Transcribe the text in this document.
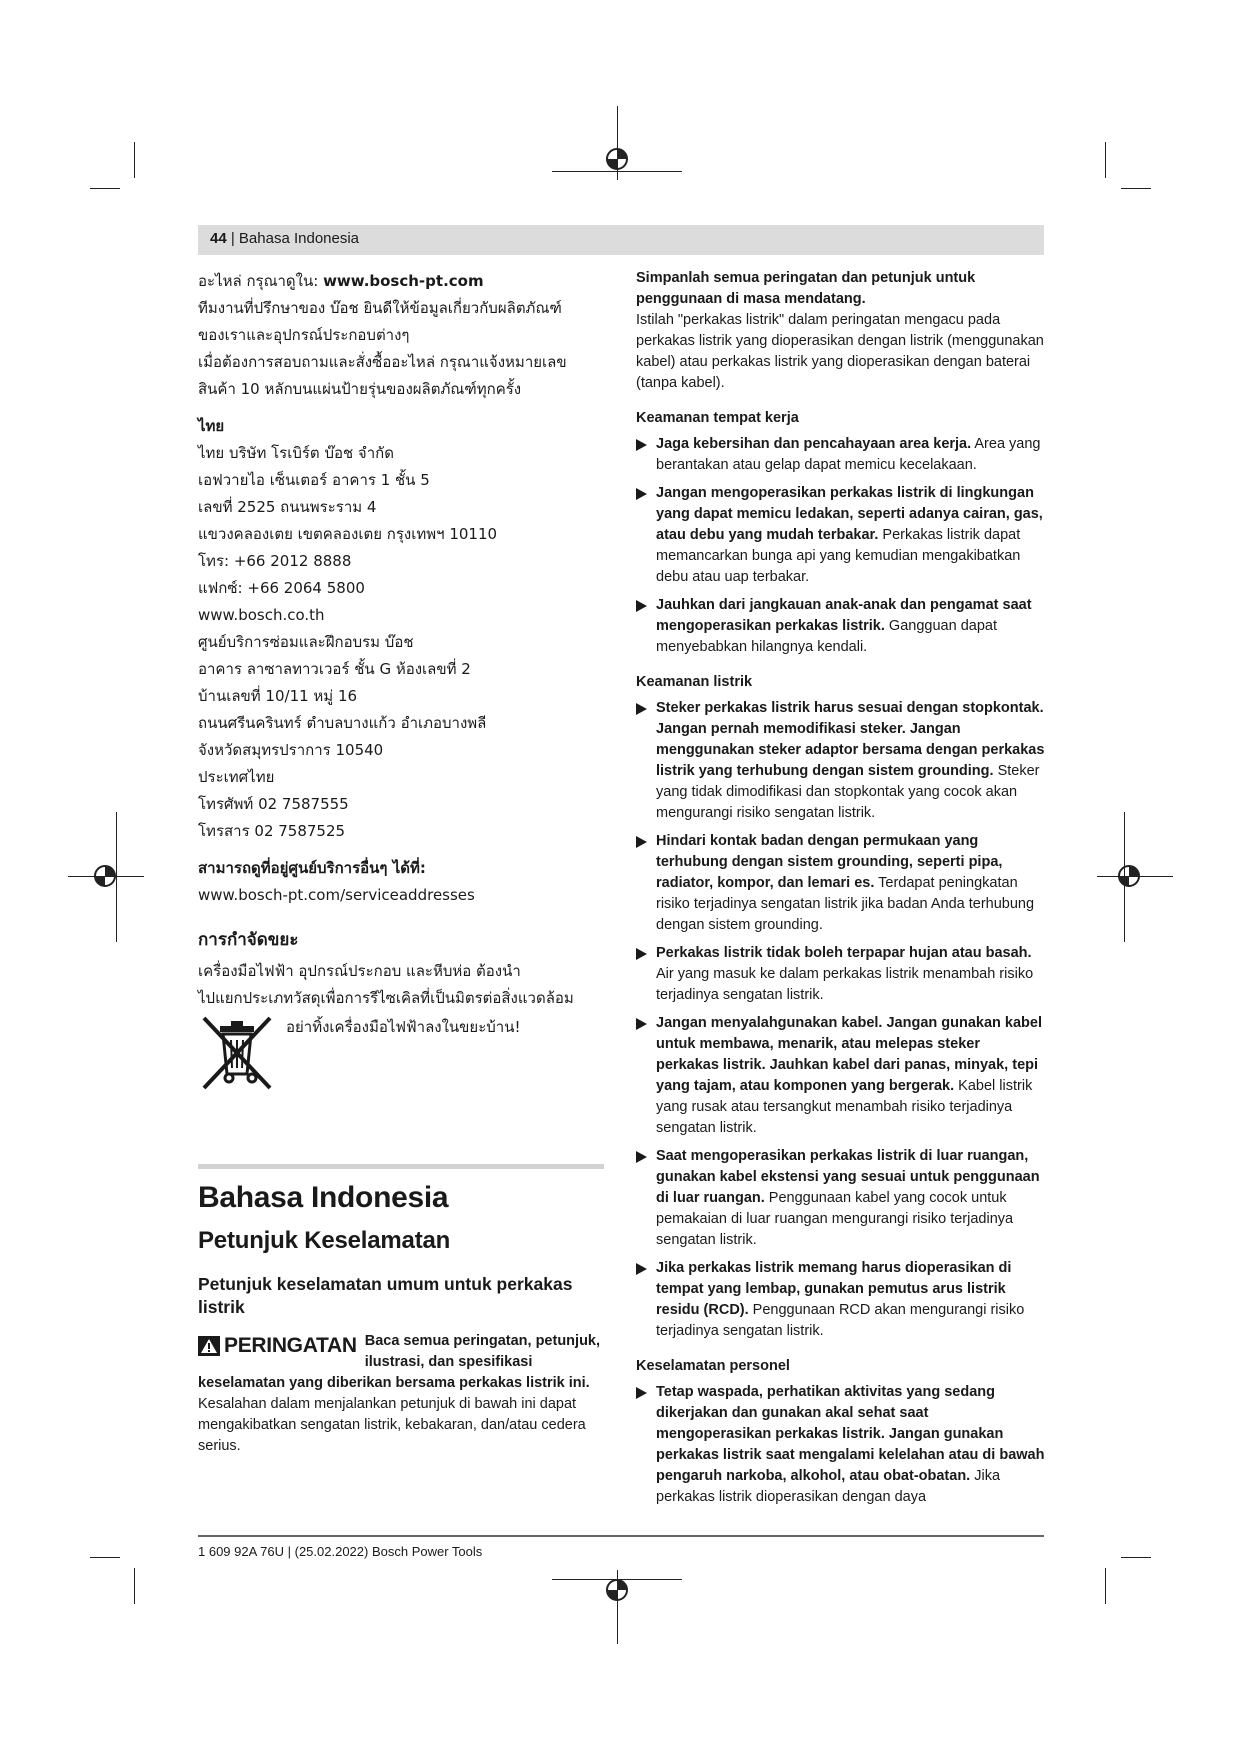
44 | Bahasa Indonesia

อะไหล่ กรุณาดูใน: www.bosch-pt.com

ทีมงานที่ปรึกษาของ บ๊อช ยินดีให้ข้อมูลเกี่ยวกับผลิตภัณฑ์

ของเราและอุปกรณ์ประกอบต่างๆ

เมื่อต้องการสอบถามและสั่งซื้ออะไหล่ กรุณาแจ้งหมายเลข

สินค้า 10 หลักบนแผ่นป้ายรุ่นของผลิตภัณฑ์ทุกครั้ง

ไทย

ไทย บริษัท โรเบิร์ต บ๊อช จำกัด

เอฟวายไอ เซ็นเตอร์ อาคาร 1 ชั้น 5

เลขที่ 2525 ถนนพระราม 4

แขวงคลองเตย เขตคลองเตย กรุงเทพฯ 10110

โทร: +66 2012 8888

แฟกซ์: +66 2064 5800

www.bosch.co.th

ศูนย์บริการซ่อมและฝึกอบรม บ๊อช

อาคาร ลาซาลทาวเวอร์ ชั้น G ห้องเลขที่ 2

บ้านเลขที่ 10/11 หมู่ 16

ถนนศรีนครินทร์ ตำบลบางแก้ว อำเภอบางพลี

จังหวัดสมุทรปราการ 10540

ประเทศไทย

โทรศัพท์ 02 7587555

โทรสาร 02 7587525

สามารถดูที่อยู่ศูนย์บริการอื่นๆ ได้ที่:

www.bosch-pt.com/serviceaddresses

การกำจัดขยะ

เครื่องมือไฟฟ้า อุปกรณ์ประกอบ และหีบห่อ ต้องนำ

ไปแยกประเภทวัสดุเพื่อการรีไซเคิลที่เป็นมิตรต่อสิ่งแวดล้อม

อย่าทิ้งเครื่องมือไฟฟ้าลงในขยะบ้าน!

Bahasa Indonesia
Petunjuk Keselamatan
Petunjuk keselamatan umum untuk perkakas listrik
PERINGATAN Baca semua peringatan, petunjuk, ilustrasi, dan spesifikasi

keselamatan yang diberikan bersama perkakas listrik ini. Kesalahan dalam menjalankan petunjuk di bawah ini dapat mengakibatkan sengatan listrik, kebakaran, dan/atau cedera serius.

Simpanlah semua peringatan dan petunjuk untuk penggunaan di masa mendatang.

Istilah "perkakas listrik" dalam peringatan mengacu pada perkakas listrik yang dioperasikan dengan listrik (menggunakan kabel) atau perkakas listrik yang dioperasikan dengan baterai (tanpa kabel).

Keamanan tempat kerja
Jaga kebersihan dan pencahayaan area kerja. Area yang berantakan atau gelap dapat memicu kecelakaan.
Jangan mengoperasikan perkakas listrik di lingkungan yang dapat memicu ledakan, seperti adanya cairan, gas, atau debu yang mudah terbakar. Perkakas listrik dapat memancarkan bunga api yang kemudian mengakibatkan debu atau uap terbakar.
Jauhkan dari jangkauan anak-anak dan pengamat saat mengoperasikan perkakas listrik. Gangguan dapat menyebabkan hilangnya kendali.
Keamanan listrik
Steker perkakas listrik harus sesuai dengan stopkontak. Jangan pernah memodifikasi steker. Jangan menggunakan steker adaptor bersama dengan perkakas listrik yang terhubung dengan sistem grounding. Steker yang tidak dimodifikasi dan stopkontak yang cocok akan mengurangi risiko sengatan listrik.
Hindari kontak badan dengan permukaan yang terhubung dengan sistem grounding, seperti pipa, radiator, kompor, dan lemari es. Terdapat peningkatan risiko terjadinya sengatan listrik jika badan Anda terhubung dengan sistem grounding.
Perkakas listrik tidak boleh terpapar hujan atau basah. Air yang masuk ke dalam perkakas listrik menambah risiko terjadinya sengatan listrik.
Jangan menyalahgunakan kabel. Jangan gunakan kabel untuk membawa, menarik, atau melepas steker perkakas listrik. Jauhkan kabel dari panas, minyak, tepi yang tajam, atau komponen yang bergerak. Kabel listrik yang rusak atau tersangkut menambah risiko terjadinya sengatan listrik.
Saat mengoperasikan perkakas listrik di luar ruangan, gunakan kabel ekstensi yang sesuai untuk penggunaan di luar ruangan. Penggunaan kabel yang cocok untuk pemakaian di luar ruangan mengurangi risiko terjadinya sengatan listrik.
Jika perkakas listrik memang harus dioperasikan di tempat yang lembap, gunakan pemutus arus listrik residu (RCD). Penggunaan RCD akan mengurangi risiko terjadinya sengatan listrik.
Keselamatan personel
Tetap waspada, perhatikan aktivitas yang sedang dikerjakan dan gunakan akal sehat saat mengoperasikan perkakas listrik. Jangan gunakan perkakas listrik saat mengalami kelelahan atau di bawah pengaruh narkoba, alkohol, atau obat-obatan. Jika perkakas listrik dioperasikan dengan daya
1 609 92A 76U | (25.02.2022) Bosch Power Tools
